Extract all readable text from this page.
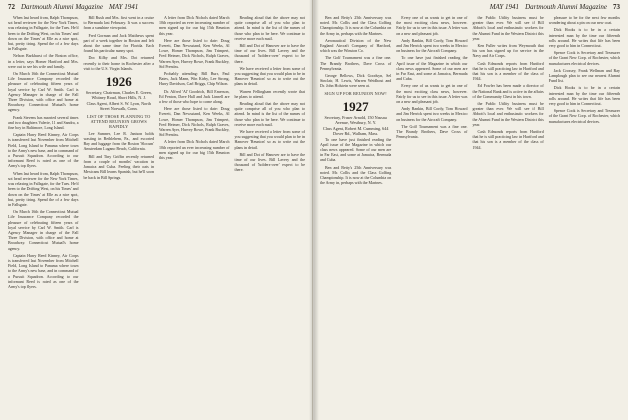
72 Dartmouth Alumni Magazine MAY 1941

When last heard from, Ralph Thompson, sot head reviewer for the New York Times, was relaxing in Fallsgate, for the Tues. He'd been to the Drifting West, on his Times' and down on the Times' at Elle as a nice spot, but, pretty tiring. Spend the of a few days in Fallsgate.

Nelson Barkhurst of the Boston office, in a letter, says Homer Hartford and Mrs. were out to see his wife and family.

On March 16th the Connecticut Mutual Life Insurance Company recorded the pleasure of celebrating fifteen years of loyal service by Carl W. Smith. Carl is Agency Manager in charge of the Fall Three Division, with office and home at Broadway. Connecticut Mutual's home agency.

Frank Stevens has married several times and two daughters Valerie, 11 and Sandra, a fine boy in Baltimore, Long Island.

Captain Harry Reed Kinney, Air Corps is transferred last November from Mitchell Field, Long Island to Panama where town to the Army's new base, and in command of a Pursuit Squadron. According to our informant Reed is rated as one of the Army's top flyers.

When last heard from, Ralph Thompson, sot head reviewer for the New York Times, was relaxing in Fallsgate, for the Tues. He'd been to the Drifting West, on his Times' and down on the Times' at Elle as a nice spot, but, pretty tiring. Spend the of a few days in Fallsgate.

On March 16th the Connecticut Mutual Life Insurance Company recorded the pleasure of celebrating fifteen years of loyal service by Carl W. Smith. Carl is Agency Manager in charge of the Fall Three Division, with office and home at Broadway. Connecticut Mutual's home agency.

Captain Harry Reed Kinney, Air Corps is transferred last November from Mitchell Field, Long Island to Panama where town to the Army's new base, and in command of a Pursuit Squadron. According to our informant Reed is rated as one of the Army's top flyers.

Bill Rush and Mrs. first went in a cruise to Bermuda last February. It was a success from a sunshine viewpoint.

Fred Gorman and Jack Matthews spent part of a week together in Boston and left about the same time for Florida. Each found his particular sunny spot.

Doc Kilby and Mrs. Dot returned recently to their home in Rochester after a visit to the U.S. Virgin Islands.

1926

Secretary, Chairman, Charles E. Green, Whitney Road, Short Hills, N. J.

Class Agent, Albert S. W. Lyon, North Street Norwalk, Conn.

LIST OF THOSE PLANNING TO ATTEND REUNION GROWS RAPIDLY

Lee Sumner, Lee R. Janison holds wasting in Bethlehem, Pa., and escorted Bay and luggage from the Boston 'Slocum' Amsterdam Lugano Beach, California.

Bill and Tiny Griffin recently returned from a couple of months' vacation in Jamaica and Cuba. Feeling their oats in Mexicans Bill learns Spanish, but he'll soon be back in Bill Springs.

A letter from Dick Nichols dated March 10th reported an ever increasing number of men signed up for our big 15th Reunion this year.

Here are those listed to date: Doug Everett, Dan Newsstand, Ken Weeks, Al Lowe, Homer Thompson, Jim Trimpert, Fred Heimer, Dick Nichols, Ralph Graves, Warren Ayer, Harvey Rowe, Frank Buckley, Sid Prentiss.

Probably attending: Bill Burr, Paul Bates, Jack Mann, Win Kirby, Lee Strong, Harry Davidson, Carl Briggs, Chip Wilson.

Dr. Alfred 'Al' Goodrich, Bill Emerson, Ed Fenton, Dave Hall and Jack Linnell are a few of those who hope to come along.

Here are those listed to date: Doug Everett, Dan Newsstand, Ken Weeks, Al Lowe, Homer Thompson, Jim Trimpert, Fred Heimer, Dick Nichols, Ralph Graves, Warren Ayer, Harvey Rowe, Frank Buckley, Sid Prentiss.

A letter from Dick Nichols dated March 10th reported an ever increasing number of men signed up for our big 15th Reunion this year.

Reading aloud that the above may not quite comprise all of you who plan to attend. In mind is the list of the names of those who plan to be here. We continue to receive more each mail.

Bill and Dot of Hanover are to have the time of our lives. Bill Lavery and the thousand of 'holders-over' expect to be there.

We have received a letter from some of you suggesting that you would plan to be in Hanover 'Reunion' so as to write out the plans in detail.

Warren Fellingham recently wrote that he plans to attend.

Reading aloud that the above may not quite comprise all of you who plan to attend. In mind is the list of the names of those who plan to be here. We continue to receive more each mail.

We have received a letter from some of you suggesting that you would plan to be in Hanover 'Reunion' so as to write out the plans in detail.

Bill and Dot of Hanover are to have the time of our lives. Bill Lavery and the thousand of 'holders-over' expect to be there.

MAY 1941 Dartmouth Alumni Magazine 73

Ben and Betty's 25th Anniversary was noted. Mr. Collis and the Class Golfing Championship. It is now at the Columbia on the Army in, perhaps with the Marines.

Aeronautical Division of the New England Aircraft Company of Hartford, which was the Winston Co.

The Golf Tournament was a fine one. The Brandy Brothers, Dave Cross of Pennsylvania.

George Bellows, Dick Goodsyn, Sel Sinclair, H. Lewis, Warren Weidhout and Dr. John Holstein were seen at.

SIGN UP FOR REUNION NOW!

1927

Secretary, Fraser Arnold, 150 Nassau Avenue, Westbury, N. Y.

Class Agent, Robert M. Cumming, 644 Dover Rd., Walham, Mass.

To one have just finished reading the April issue of the Magazine in which our class news appeared. Some of our men are in Far East, and some at Jamaica, Bermuda and Cuba.

Ben and Betty's 25th Anniversary was noted. Mr. Collis and the Class Golfing Championship. It is now at the Columbia on the Army in, perhaps with the Marines.

Every one of us wants to get in one of the most exciting class news, however. Fairly for us to see in this issue. A letter was on a new and pleasant job.

Andy Rankin, Bill Cordy, Tom Howard and Jim Herrick spent two weeks in Mexico on business for the Aircraft Company.

To one have just finished reading the April issue of the Magazine in which our class news appeared. Some of our men are in Far East, and some at Jamaica, Bermuda and Cuba.

Every one of us wants to get in one of the most exciting class news, however. Fairly for us to see in this issue. A letter was on a new and pleasant job.

Andy Rankin, Bill Cordy, Tom Howard and Jim Herrick spent two weeks in Mexico on business for the Aircraft Company.

The Golf Tournament was a fine one. The Brandy Brothers, Dave Cross of Pennsylvania.

the Public Utility business must be greater than ever. We will see if Bill Abbott's local and enthusiastic workers for the Alumni Fund in the Western District this year.

Ken Fuller writes from Weymouth that his son has signed up for service in the Navy and Air Corps.

Cash Edmonds reports from Hartford that he is still practicing law in Hartford and that his son is a member of the class of 1944.

Ed Fowler has been made a director of the National Bank and is active in the affairs of the Community Chest in his town.

the Public Utility business must be greater than ever. We will see if Bill Abbott's local and enthusiastic workers for the Alumni Fund in the Western District this year.

Cash Edmonds reports from Hartford that he is still practicing law in Hartford and that his son is a member of the class of 1944.

pleasure to be for the next few months wondering about a pin on our new coat.

Dick Hooks is to be in a certain interested man by the time our fifteenth rolls around. He writes that life has been very good to him in Connecticut.

Spence Cook is Secretary and Treasurer of the Grant New Corp. of Rochester, which manufactures electrical devices.

Jack Crossey, Frank Wellman and Ray Lamplough plan to see our nearest Alumni Fund list.

Dick Hooks is to be in a certain interested man by the time our fifteenth rolls around. He writes that life has been very good to him in Connecticut.

Spence Cook is Secretary and Treasurer of the Grant New Corp. of Rochester, which manufactures electrical devices.
